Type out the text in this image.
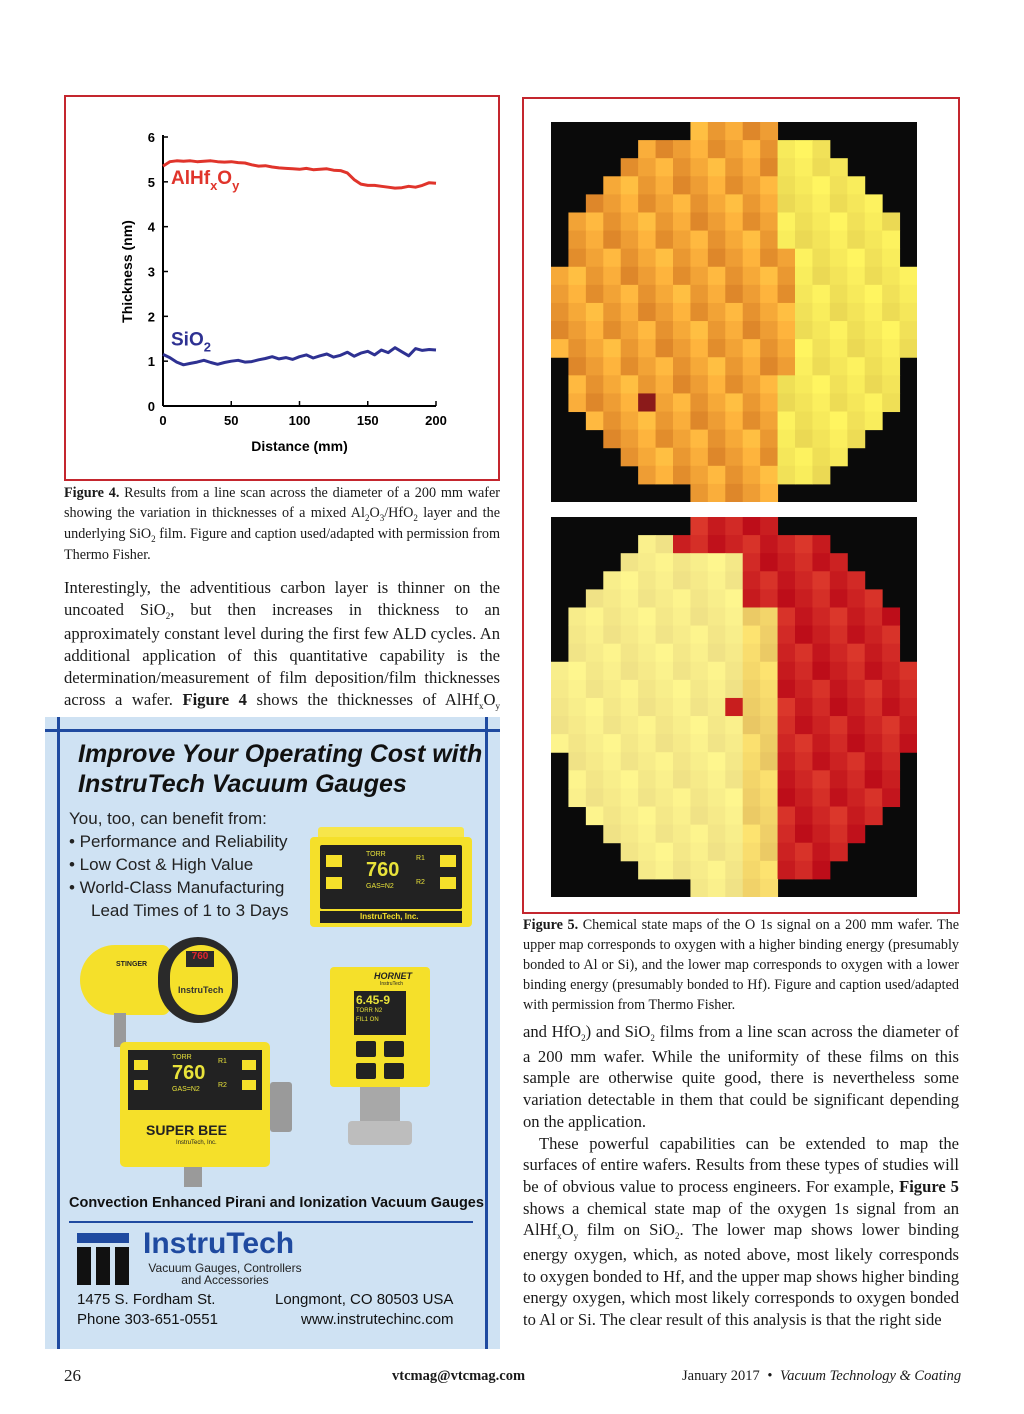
0
1
2
3
4
5
6
0	50	100	150	200
Distance (mm)
Thickness (nm)
$AlHf_xO_y$
SiO$_2$
Figure 4. Results from a line scan across the diameter of a 200 mm wafer showing the variation in thicknesses of a mixed $Al_2O_3/HfO_2$ layer and the underlying SiO$_2$ film. Figure and caption used/adapted with permission from Thermo Fisher.

Interestingly, the adventitious carbon layer is thinner on the uncoated SiO$_2$, but then increases in thickness to an approximately constant level during the first few ALD cycles. An additional application of this quantitative capability is the determination/measurement of film deposition/film thicknesses across a wafer. Figure 4 shows the thicknesses of $AlHf_xO_y$

Figure 5. Chemical state maps of the O 1s signal on a 200 mm wafer. The upper map corresponds to oxygen with a higher binding energy (presumably bonded to Al or Si), and the lower map corresponds to oxygen with a lower binding energy (presumably bonded to Hf). Figure and caption used/adapted with permission from Thermo Fisher.

and HfO$_2$) and SiO$_2$ films from a line scan across the diameter of a 200 mm wafer. While the uniformity of these films on this sample are otherwise quite good, there is nevertheless some variation detectable in them that could be significant depending on the application.

These powerful capabilities can be extended to map the surfaces of entire wafers. Results from these types of studies will be of obvious value to process engineers. For example, Figure 5 shows a chemical state map of the oxygen 1s signal from an $AlHf_xO_y$ film on SiO$_2$. The lower map shows lower binding energy oxygen, which, as noted above, most likely corresponds to oxygen bonded to Hf, and the upper map shows higher binding energy oxygen, which most likely corresponds to oxygen bonded to Al or Si. The clear result of this analysis is that the right side

Improve Your Operating Cost with
InstruTech Vacuum Gauges
You, too, can benefit from:
• Performance and Reliability
• Low Cost & High Value
• World-Class Manufacturing
Lead Times of 1 to 3 Days
TORR
R1
760
GAS=N2
R2
InstruTech, Inc.
760
InstruTech
STINGER
HORNET
InstruTech
6.45-9
TORR N2
FIL1 ON
TORR
R1
760
GAS=N2
R2
SUPER BEE
InstruTech, Inc.
Convection Enhanced Pirani and Ionization Vacuum Gauges
InstruTech
Vacuum Gauges, Controllers
and Accessories
1475 S. Fordham St.	Longmont, CO 80503 USA
Phone 303-651-0551	www.instrutechinc.com
26	vtcmag@vtcmag.com	January 2017 • Vacuum Technology & Coating
